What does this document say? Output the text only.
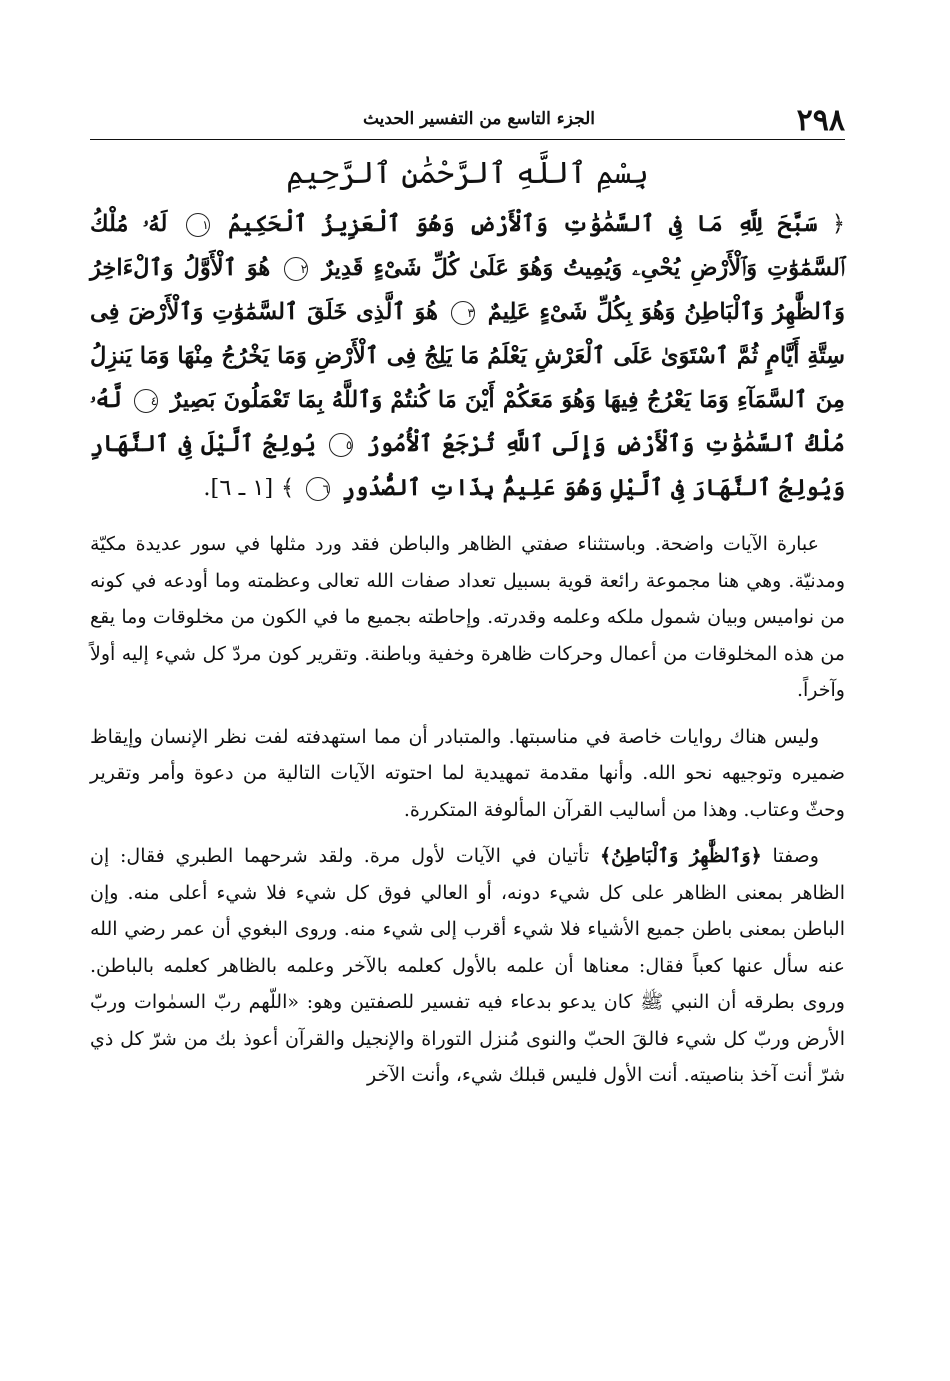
٢٩٨
الجزء التاسع من التفسير الحديث
بِسْمِ ٱللَّهِ ٱلرَّحْمَٰنِ ٱلرَّحِيمِ
﴿ سَبَّحَ لِلَّهِ مَا فِى ٱلسَّمَٰوَٰتِ وَٱلْأَرْضِ وَهُوَ ٱلْعَزِيزُ ٱلْحَكِيمُ ١ لَهُۥ مُلْكُ ٱلسَّمَٰوَٰتِ وَٱلْأَرْضِ يُحْىِۦ وَيُمِيتُ وَهُوَ عَلَىٰ كُلِّ شَىْءٍ قَدِيرٌ ٢ هُوَ ٱلْأَوَّلُ وَٱلْءَاخِرُ وَٱلظَّٰهِرُ وَٱلْبَاطِنُ وَهُوَ بِكُلِّ شَىْءٍ عَلِيمٌ ٣ هُوَ ٱلَّذِى خَلَقَ ٱلسَّمَٰوَٰتِ وَٱلْأَرْضَ فِى سِتَّةِ أَيَّامٍ ثُمَّ ٱسْتَوَىٰ عَلَى ٱلْعَرْشِ يَعْلَمُ مَا يَلِجُ فِى ٱلْأَرْضِ وَمَا يَخْرُجُ مِنْهَا وَمَا يَنزِلُ مِنَ ٱلسَّمَآءِ وَمَا يَعْرُجُ فِيهَا وَهُوَ مَعَكُمْ أَيْنَ مَا كُنتُمْ وَٱللَّهُ بِمَا تَعْمَلُونَ بَصِيرٌ ٤ لَّهُۥ مُلْكُ ٱلسَّمَٰوَٰتِ وَٱلْأَرْضِ وَإِلَى ٱللَّهِ تُرْجَعُ ٱلْأُمُورُ ٥ يُولِجُ ٱلَّيْلَ فِى ٱلنَّهَارِ وَيُولِجُ ٱلنَّهَارَ فِى ٱلَّيْلِ وَهُوَ عَلِيمٌۢ بِذَاتِ ٱلصُّدُورِ ٦ ﴾ [١ ـ ٦].

عبارة الآيات واضحة. وباستثناء صفتي الظاهر والباطن فقد ورد مثلها في سور عديدة مكيّة ومدنيّة. وهي هنا مجموعة رائعة قوية بسبيل تعداد صفات الله تعالى وعظمته وما أودعه في كونه من نواميس وبيان شمول ملكه وعلمه وقدرته. وإحاطته بجميع ما في الكون من مخلوقات وما يقع من هذه المخلوقات من أعمال وحركات ظاهرة وخفية وباطنة. وتقرير كون مردّ كل شيء إليه أولاً وآخراً.

وليس هناك روايات خاصة في مناسبتها. والمتبادر أن مما استهدفته لفت نظر الإنسان وإيقاظ ضميره وتوجيهه نحو الله. وأنها مقدمة تمهيدية لما احتوته الآيات التالية من دعوة وأمر وتقرير وحثّ وعتاب. وهذا من أساليب القرآن المألوفة المتكررة.

وصفتا ﴿وَٱلظَّٰهِرُ وَٱلْبَاطِنُ﴾ تأتيان في الآيات لأول مرة. ولقد شرحهما الطبري فقال: إن الظاهر بمعنى الظاهر على كل شيء دونه، أو العالي فوق كل شيء فلا شيء أعلى منه. وإن الباطن بمعنى باطن جميع الأشياء فلا شيء أقرب إلى شيء منه. وروى البغوي أن عمر رضي الله عنه سأل عنها كعباً فقال: معناها أن علمه بالأول كعلمه بالآخر وعلمه بالظاهر كعلمه بالباطن. وروى بطرقه أن النبي ﷺ كان يدعو بدعاء فيه تفسير للصفتين وهو: «اللّهم ربّ السمٰوات وربّ الأرض وربّ كل شيء فالقَ الحبّ والنوى مُنزل التوراة والإنجيل والقرآن أعوذ بك من شرّ كل ذي شرّ أنت آخذ بناصيته. أنت الأول فليس قبلك شيء، وأنت الآخر
